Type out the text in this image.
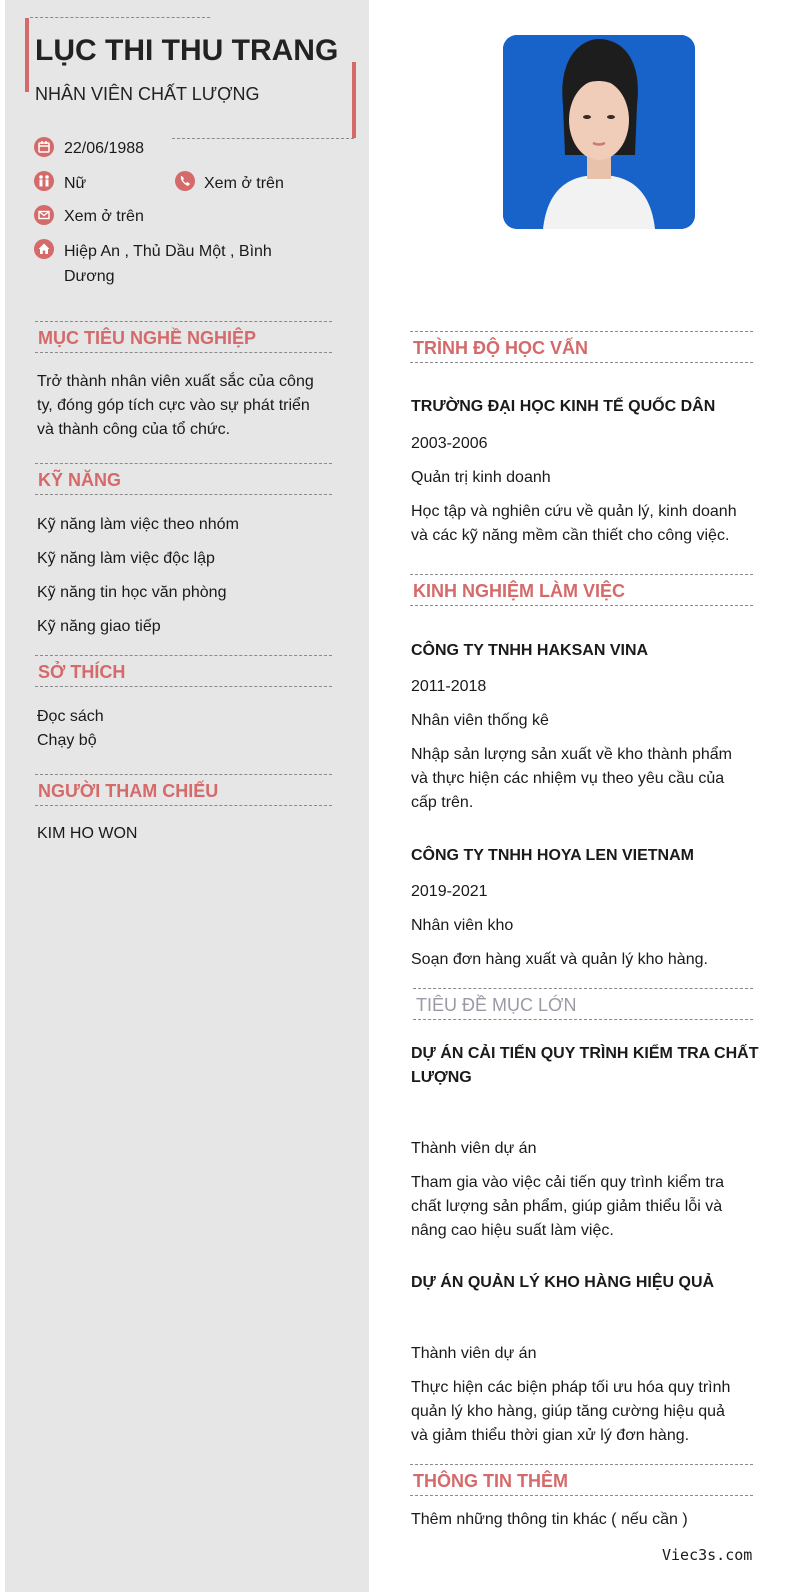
LỤC THI THU TRANG
NHÂN VIÊN CHẤT LƯỢNG
22/06/1988
Nữ	Xem ở trên
Xem ở trên
Hiệp An , Thủ Dầu Một , Bình
Dương
MỤC TIÊU NGHỀ NGHIỆP
Trở thành nhân viên xuất sắc của công
ty, đóng góp tích cực vào sự phát triển
và thành công của tổ chức.
KỸ NĂNG
Kỹ năng làm việc theo nhóm
Kỹ năng làm việc độc lập
Kỹ năng tin học văn phòng
Kỹ năng giao tiếp
SỞ THÍCH
Đọc sách
Chạy bộ
NGƯỜI THAM CHIẾU
KIM HO WON
TRÌNH ĐỘ HỌC VẤN
TRƯỜNG ĐẠI HỌC KINH TẾ QUỐC DÂN
2003-2006
Quản trị kinh doanh
Học tập và nghiên cứu về quản lý, kinh doanh
và các kỹ năng mềm cần thiết cho công việc.
KINH NGHIỆM LÀM VIỆC
CÔNG TY TNHH HAKSAN VINA
2011-2018
Nhân viên thống kê
Nhập sản lượng sản xuất về kho thành phẩm
và thực hiện các nhiệm vụ theo yêu cầu của
cấp trên.
CÔNG TY TNHH HOYA LEN VIETNAM
2019-2021
Nhân viên kho
Soạn đơn hàng xuất và quản lý kho hàng.
TIÊU ĐỀ MỤC LỚN
DỰ ÁN CẢI TIẾN QUY TRÌNH KIỂM TRA CHẤT
LƯỢNG
Thành viên dự án
Tham gia vào việc cải tiến quy trình kiểm tra
chất lượng sản phẩm, giúp giảm thiểu lỗi và
nâng cao hiệu suất làm việc.
DỰ ÁN QUẢN LÝ KHO HÀNG HIỆU QUẢ
Thành viên dự án
Thực hiện các biện pháp tối ưu hóa quy trình
quản lý kho hàng, giúp tăng cường hiệu quả
và giảm thiểu thời gian xử lý đơn hàng.
THÔNG TIN THÊM
Thêm những thông tin khác ( nếu cần )
Viec3s.com
